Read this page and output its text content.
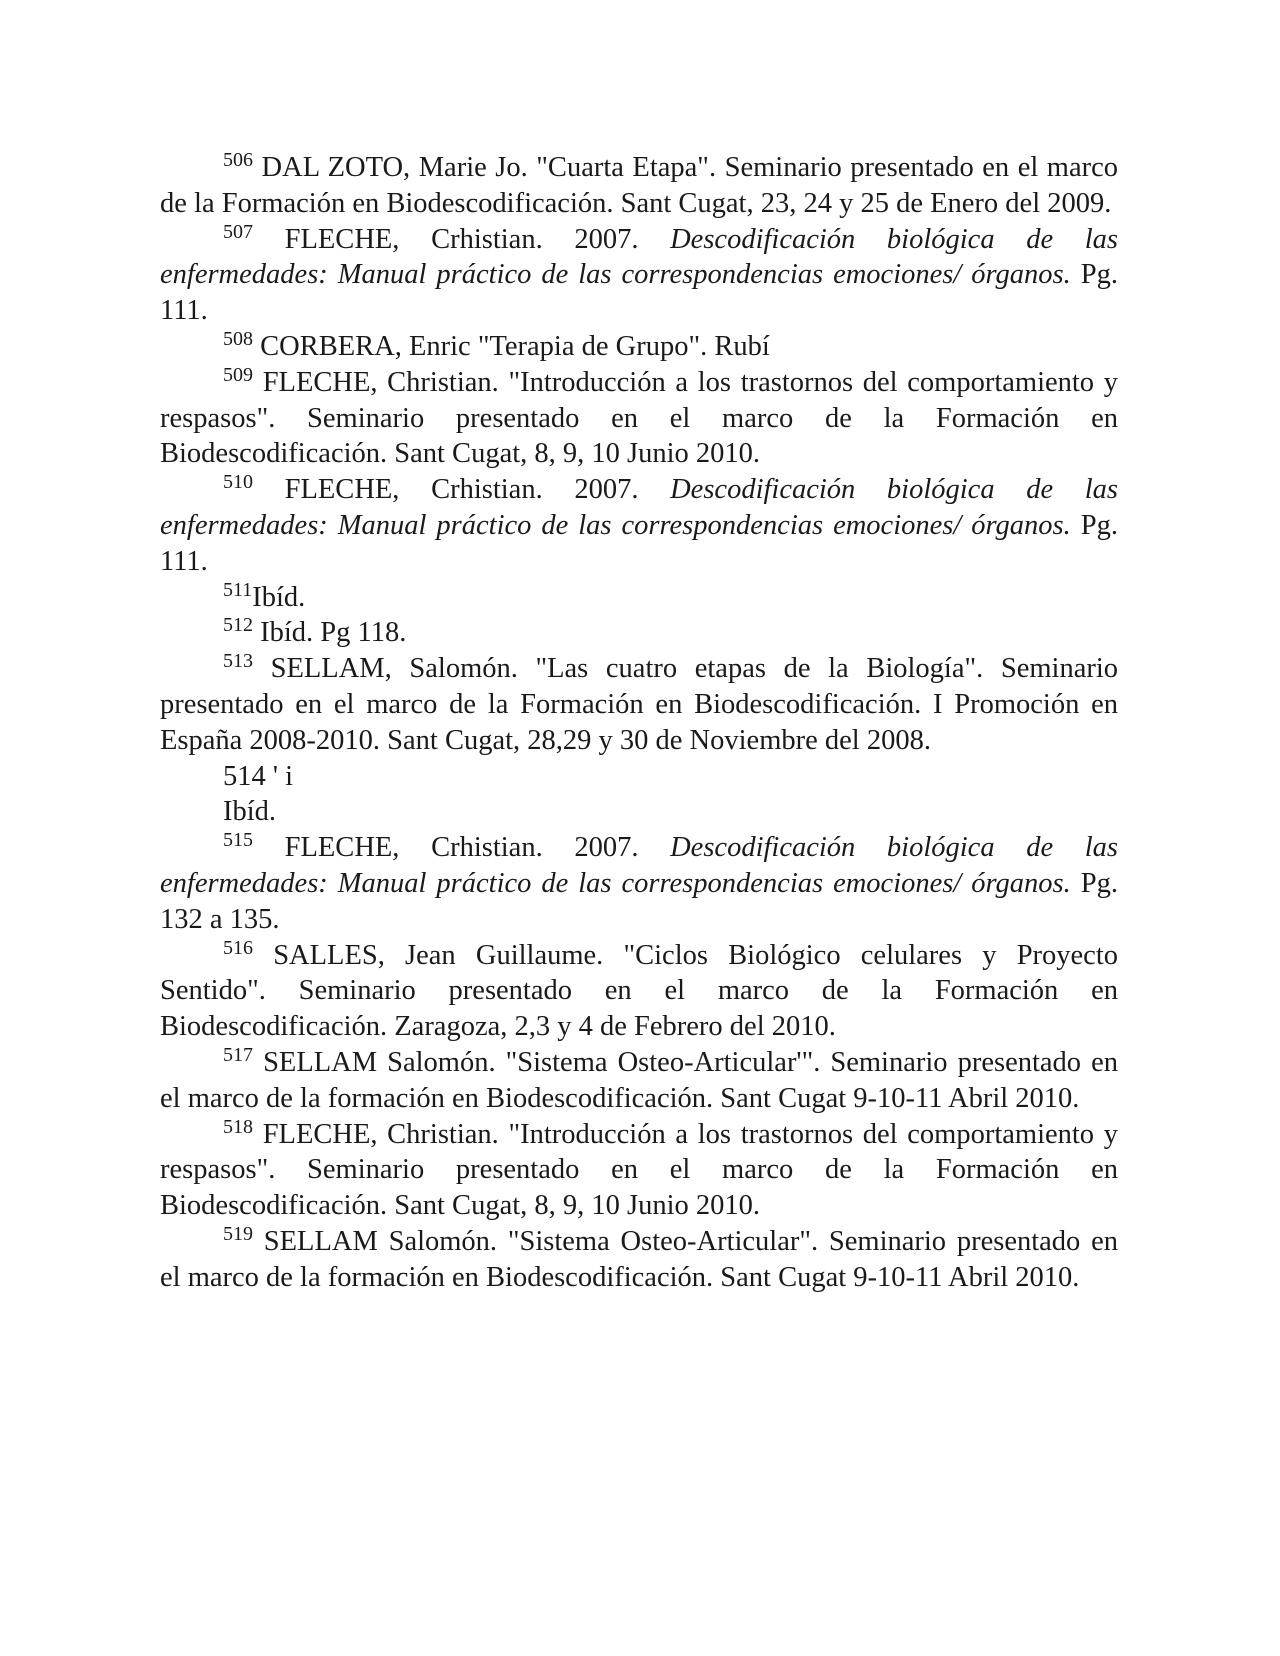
$^{506}$ DAL ZOTO, Marie Jo. "Cuarta Etapa". Seminario presentado en el marco de la Formación en Biodescodificación. Sant Cugat, 23, 24 y 25 de Enero del 2009.

$^{507}$ FLECHE, Crhistian. 2007. Descodificación biológica de las enfermedades: Manual práctico de las correspondencias emociones/ órganos. Pg. 111.

$^{508}$ CORBERA, Enric "Terapia de Grupo". Rubí

$^{509}$ FLECHE, Christian. "Introducción a los trastornos del comportamiento y respasos". Seminario presentado en el marco de la Formación en Biodescodificación. Sant Cugat, 8, 9, 10 Junio 2010.

$^{510}$ FLECHE, Crhistian. 2007. Descodificación biológica de las enfermedades: Manual práctico de las correspondencias emociones/ órganos. Pg. 111.

$^{511}$Ibíd.

$^{512}$ Ibíd. Pg 118.

$^{513}$ SELLAM, Salomón. "Las cuatro etapas de la Biología". Seminario presentado en el marco de la Formación en Biodescodificación. I Promoción en España 2008-2010. Sant Cugat, 28,29 y 30 de Noviembre del 2008.

514 ' i

Ibíd.

$^{515}$ FLECHE, Crhistian. 2007. Descodificación biológica de las enfermedades: Manual práctico de las correspondencias emociones/ órganos. Pg. 132 a 135.

$^{516}$ SALLES, Jean Guillaume. "Ciclos Biológico celulares y Proyecto Sentido". Seminario presentado en el marco de la Formación en Biodescodificación. Zaragoza, 2,3 y 4 de Febrero del 2010.

$^{517}$ SELLAM Salomón. "Sistema Osteo-Articular'". Seminario presentado en el marco de la formación en Biodescodificación. Sant Cugat 9-10-11 Abril 2010.

$^{518}$ FLECHE, Christian. "Introducción a los trastornos del comportamiento y respasos". Seminario presentado en el marco de la Formación en Biodescodificación. Sant Cugat, 8, 9, 10 Junio 2010.

$^{519}$ SELLAM Salomón. "Sistema Osteo-Articular". Seminario presentado en el marco de la formación en Biodescodificación. Sant Cugat 9-10-11 Abril 2010.
